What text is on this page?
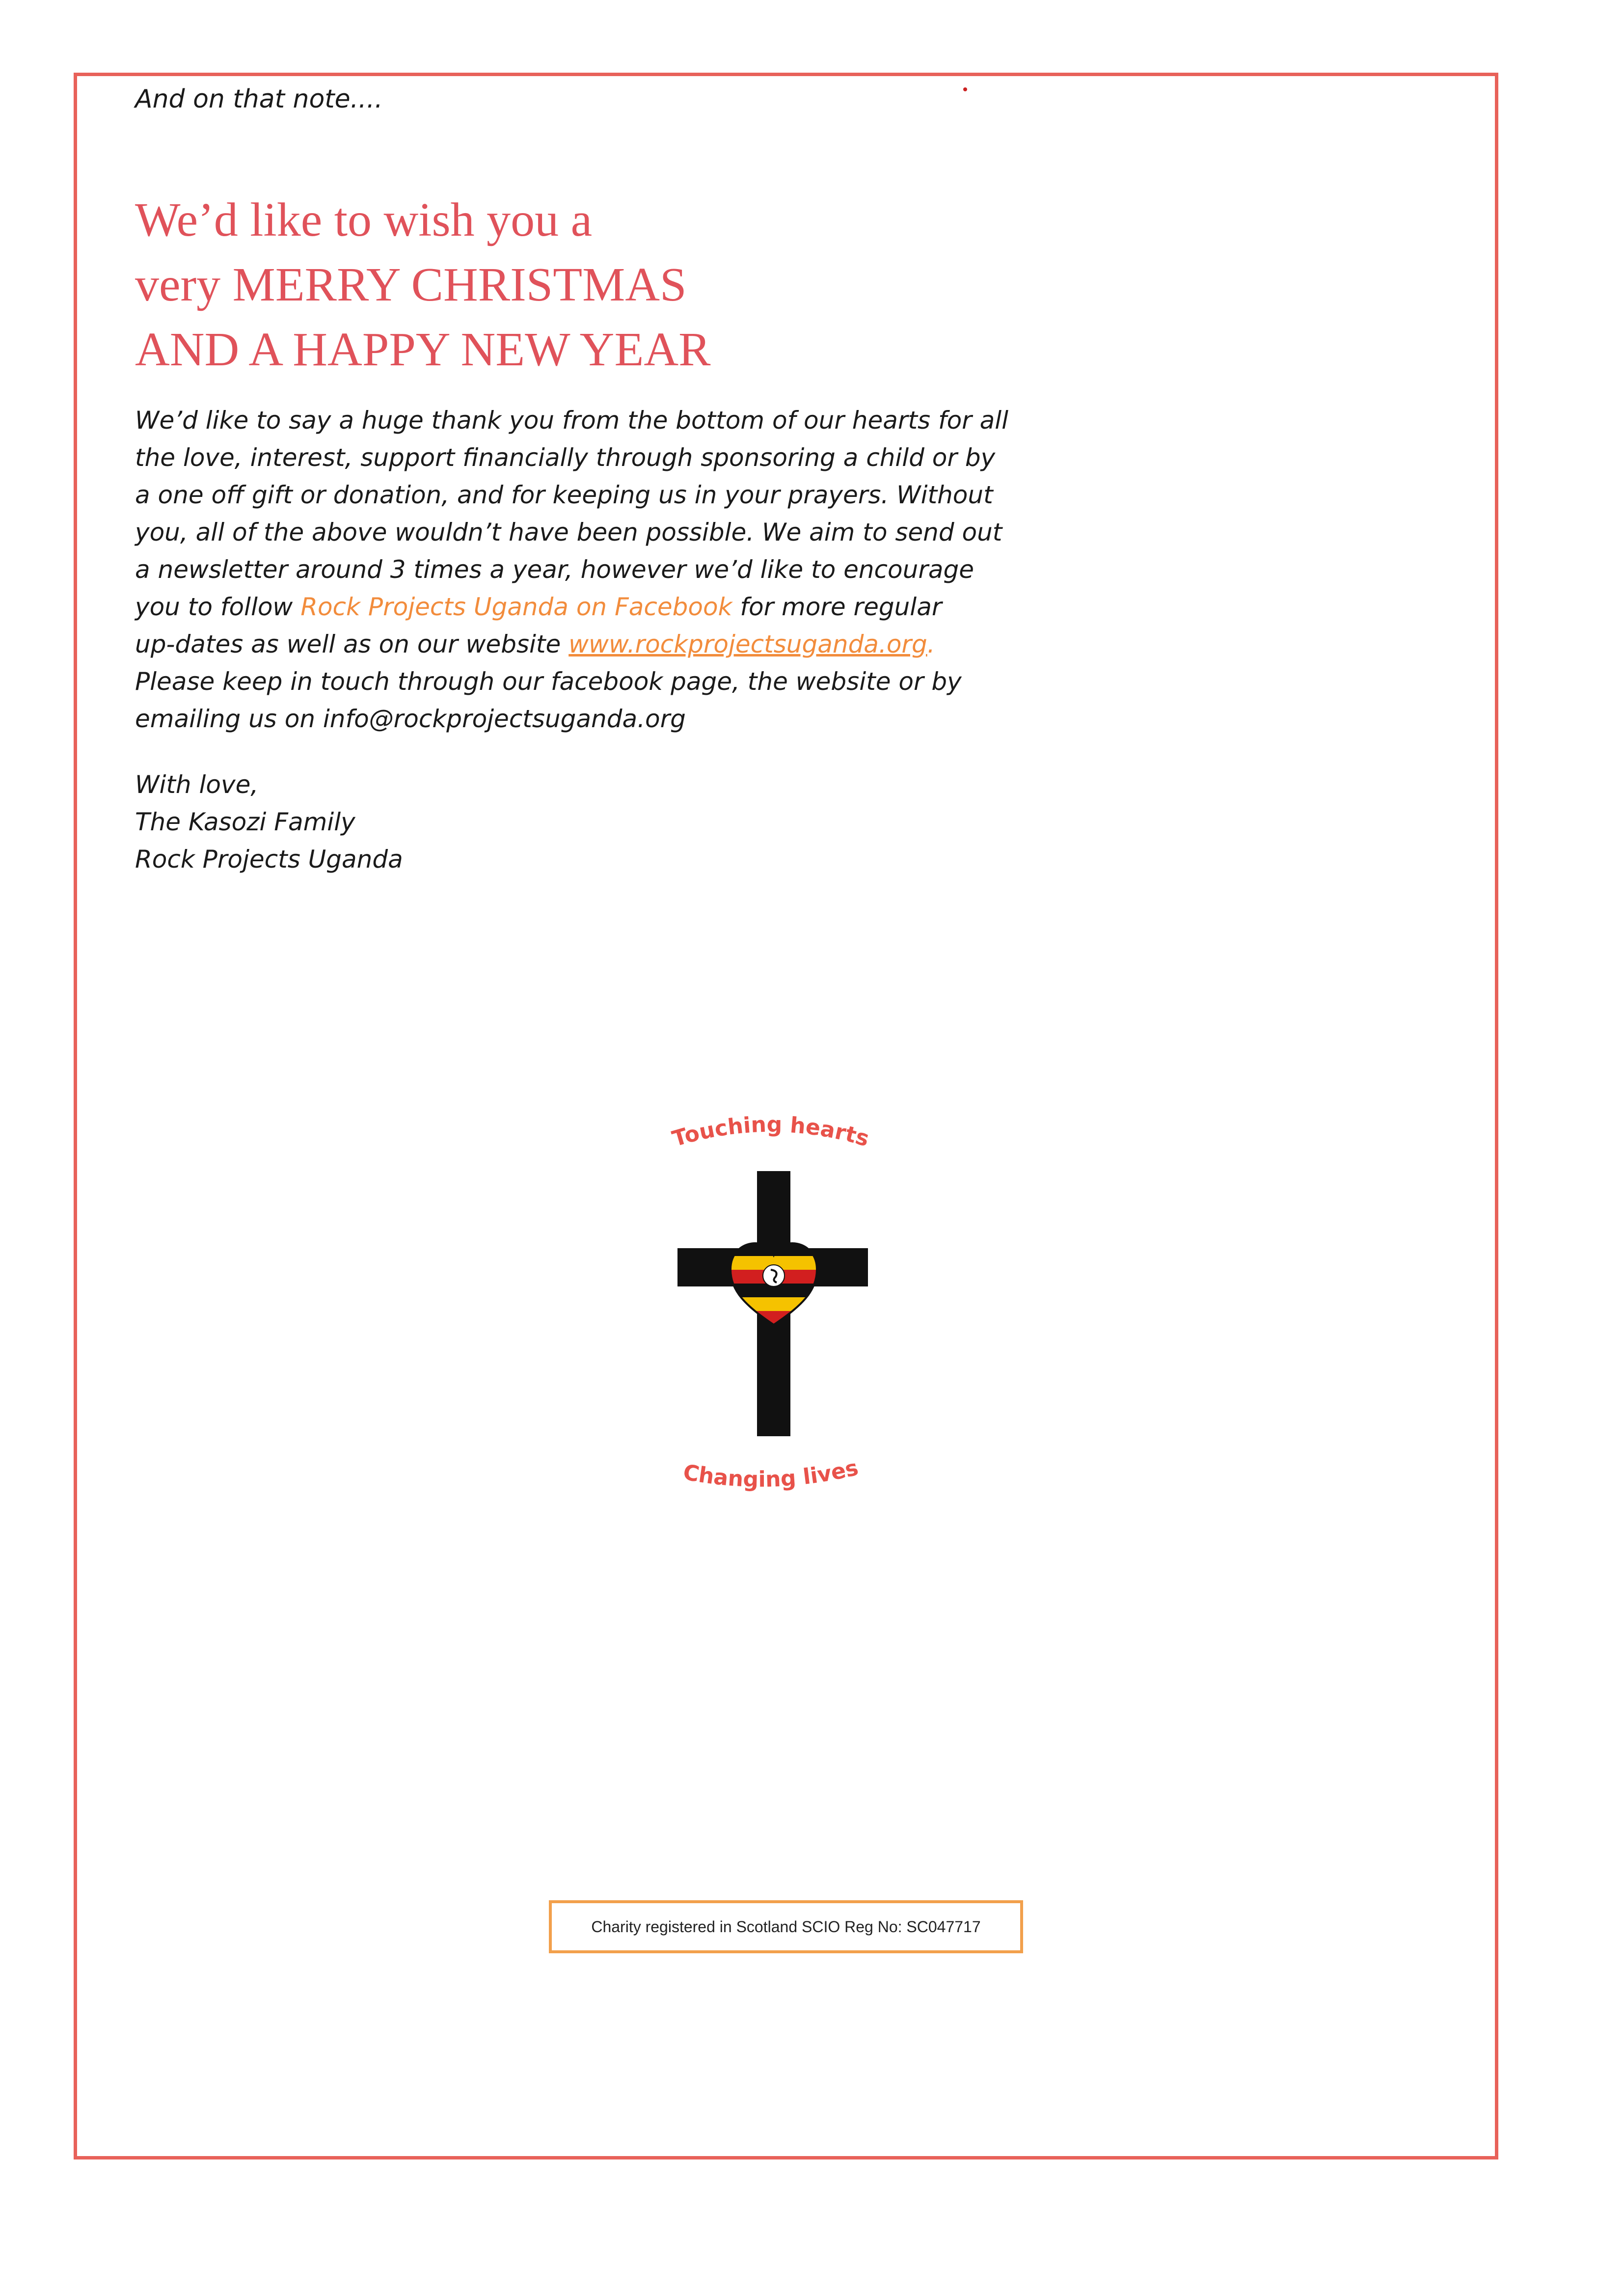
And on that note....
We’d like to wish you a
very MERRY CHRISTMAS
AND A HAPPY NEW YEAR
We’d like to say a huge thank you from the bottom of our hearts for all
the love, interest, support financially through sponsoring a child or by
a one off gift or donation, and for keeping us in your prayers. Without
you, all of the above wouldn’t have been possible. We aim to send out
a newsletter around 3 times a year, however we’d like to encourage
you to follow Rock Projects Uganda on Facebook for more regular
up-dates as well as on our website www.rockprojectsuganda.org.
Please keep in touch through our facebook page, the website or by
emailing us on info@rockprojectsuganda.org
With love,
The Kasozi Family
Rock Projects Uganda
Touching hearts
Changing lives
Charity registered in Scotland SCIO Reg No: SC047717
